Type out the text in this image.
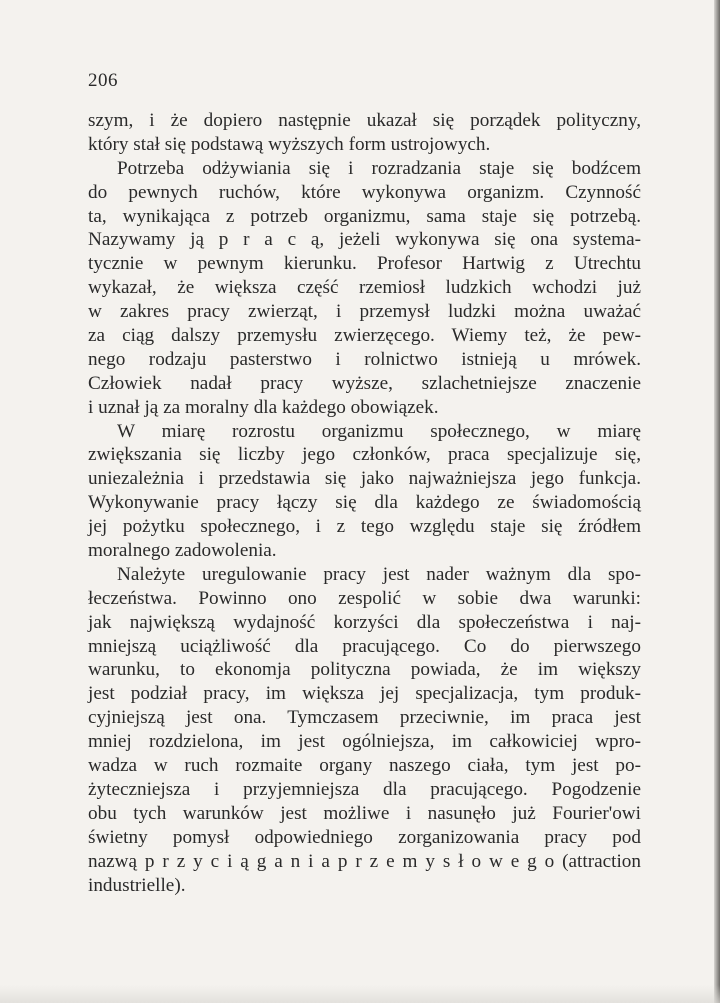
206
szym, i że dopiero następnie ukazał się porządek polityczny,
który stał się podstawą wyższych form ustrojowych.
Potrzeba odżywiania się i rozradzania staje się bodźcem
do pewnych ruchów, które wykonywa organizm. Czynność
ta, wynikająca z potrzeb organizmu, sama staje się potrzebą.
Nazywamy ją p r a c ą, jeżeli wykonywa się ona systema-
tycznie w pewnym kierunku. Profesor Hartwig z Utrechtu
wykazał, że większa część rzemiosł ludzkich wchodzi już
w zakres pracy zwierząt, i przemysł ludzki można uważać
za ciąg dalszy przemysłu zwierzęcego. Wiemy też, że pew-
nego rodzaju pasterstwo i rolnictwo istnieją u mrówek.
Człowiek nadał pracy wyższe, szlachetniejsze znaczenie
i uznał ją za moralny dla każdego obowiązek.
W miarę rozrostu organizmu społecznego, w miarę
zwiększania się liczby jego członków, praca specjalizuje się,
uniezależnia i przedstawia się jako najważniejsza jego funkcja.
Wykonywanie pracy łączy się dla każdego ze świadomością
jej pożytku społecznego, i z tego względu staje się źródłem
moralnego zadowolenia.
Należyte uregulowanie pracy jest nader ważnym dla spo-
łeczeństwa. Powinno ono zespolić w sobie dwa warunki:
jak największą wydajność korzyści dla społeczeństwa i naj-
mniejszą uciążliwość dla pracującego. Co do pierwszego
warunku, to ekonomja polityczna powiada, że im większy
jest podział pracy, im większa jej specjalizacja, tym produk-
cyjniejszą jest ona. Tymczasem przeciwnie, im praca jest
mniej rozdzielona, im jest ogólniejsza, im całkowiciej wpro-
wadza w ruch rozmaite organy naszego ciała, tym jest po-
żyteczniejsza i przyjemniejsza dla pracującego. Pogodzenie
obu tych warunków jest możliwe i nasunęło już Fourier'owi
świetny pomysł odpowiedniego zorganizowania pracy pod
nazwą p r z y c i ą g a n i a p r z e m y s ł o w e g o (attraction
industrielle).
